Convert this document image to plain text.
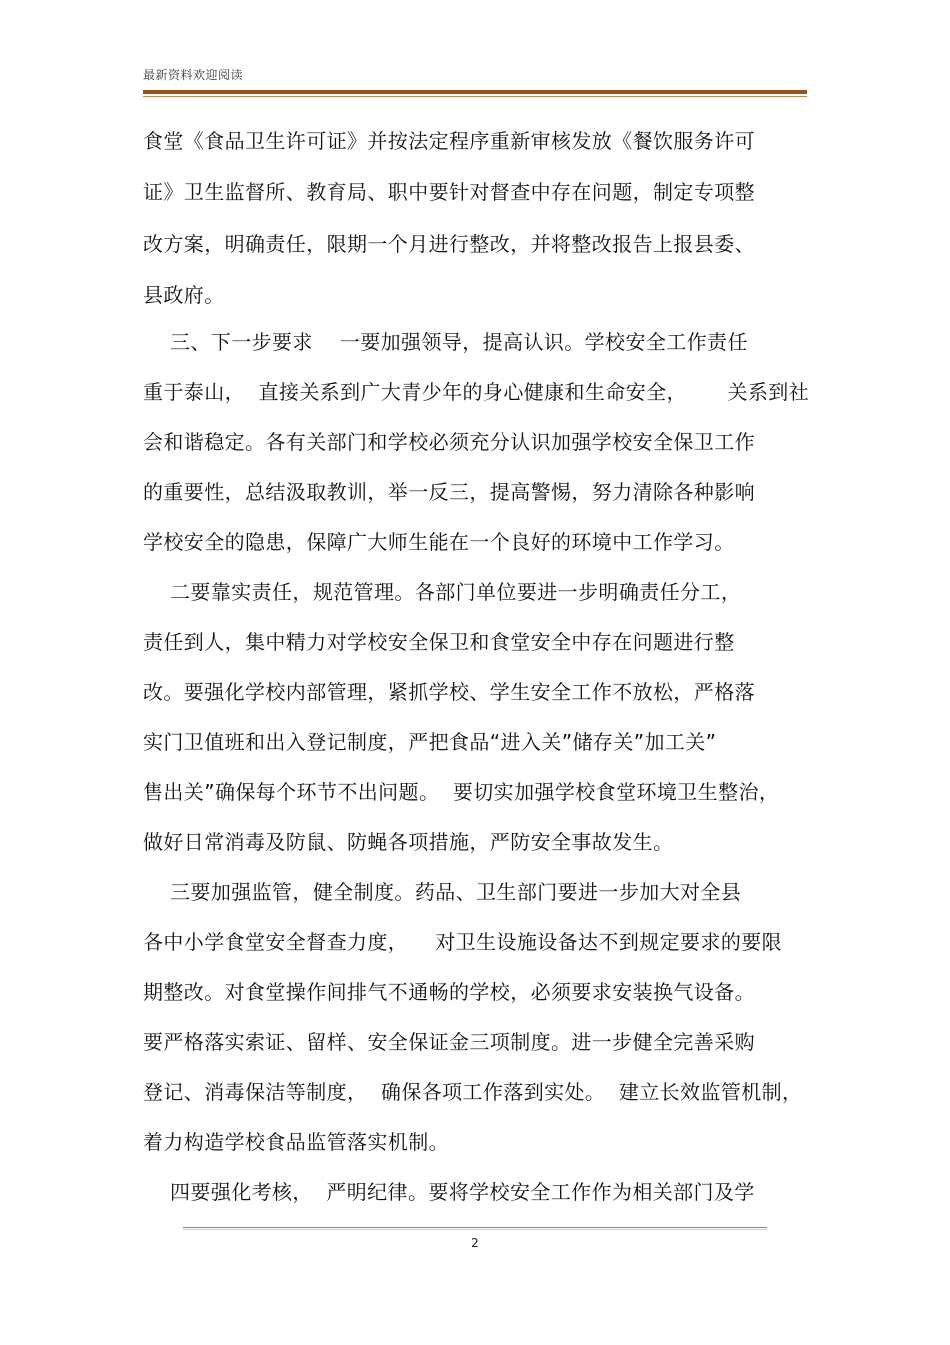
最新资料欢迎阅读
食堂《食品卫生许可证》并按法定程序重新审核发放《餐饮服务许可
证》卫生监督所、教育局、职中要针对督查中存在问题，制定专项整
改方案，明确责任，限期一个月进行整改，并将整改报告上报县委、
县政府。
三、下一步要求    一要加强领导，提高认识。学校安全工作责任
重于泰山，  直接关系到广大青少年的身心健康和生命安全，      关系到社
会和谐稳定。各有关部门和学校必须充分认识加强学校安全保卫工作
的重要性，总结汲取教训，举一反三，提高警惕，努力清除各种影响
学校安全的隐患，保障广大师生能在一个良好的环境中工作学习。
二要靠实责任，规范管理。各部门单位要进一步明确责任分工，
责任到人，集中精力对学校安全保卫和食堂安全中存在问题进行整
改。要强化学校内部管理，紧抓学校、学生安全工作不放松，严格落
实门卫值班和出入登记制度，严把食品“进入关”储存关”加工关”
售出关”确保每个环节不出问题。  要切实加强学校食堂环境卫生整治，
做好日常消毒及防鼠、防蝇各项措施，严防安全事故发生。
三要加强监管，健全制度。药品、卫生部门要进一步加大对全县
各中小学食堂安全督查力度，    对卫生设施设备达不到规定要求的要限
期整改。对食堂操作间排气不通畅的学校，必须要求安装换气设备。
要严格落实索证、留样、安全保证金三项制度。进一步健全完善采购
登记、消毒保洁等制度，  确保各项工作落到实处。  建立长效监管机制，
着力构造学校食品监管落实机制。
四要强化考核，  严明纪律。要将学校安全工作作为相关部门及学
2
